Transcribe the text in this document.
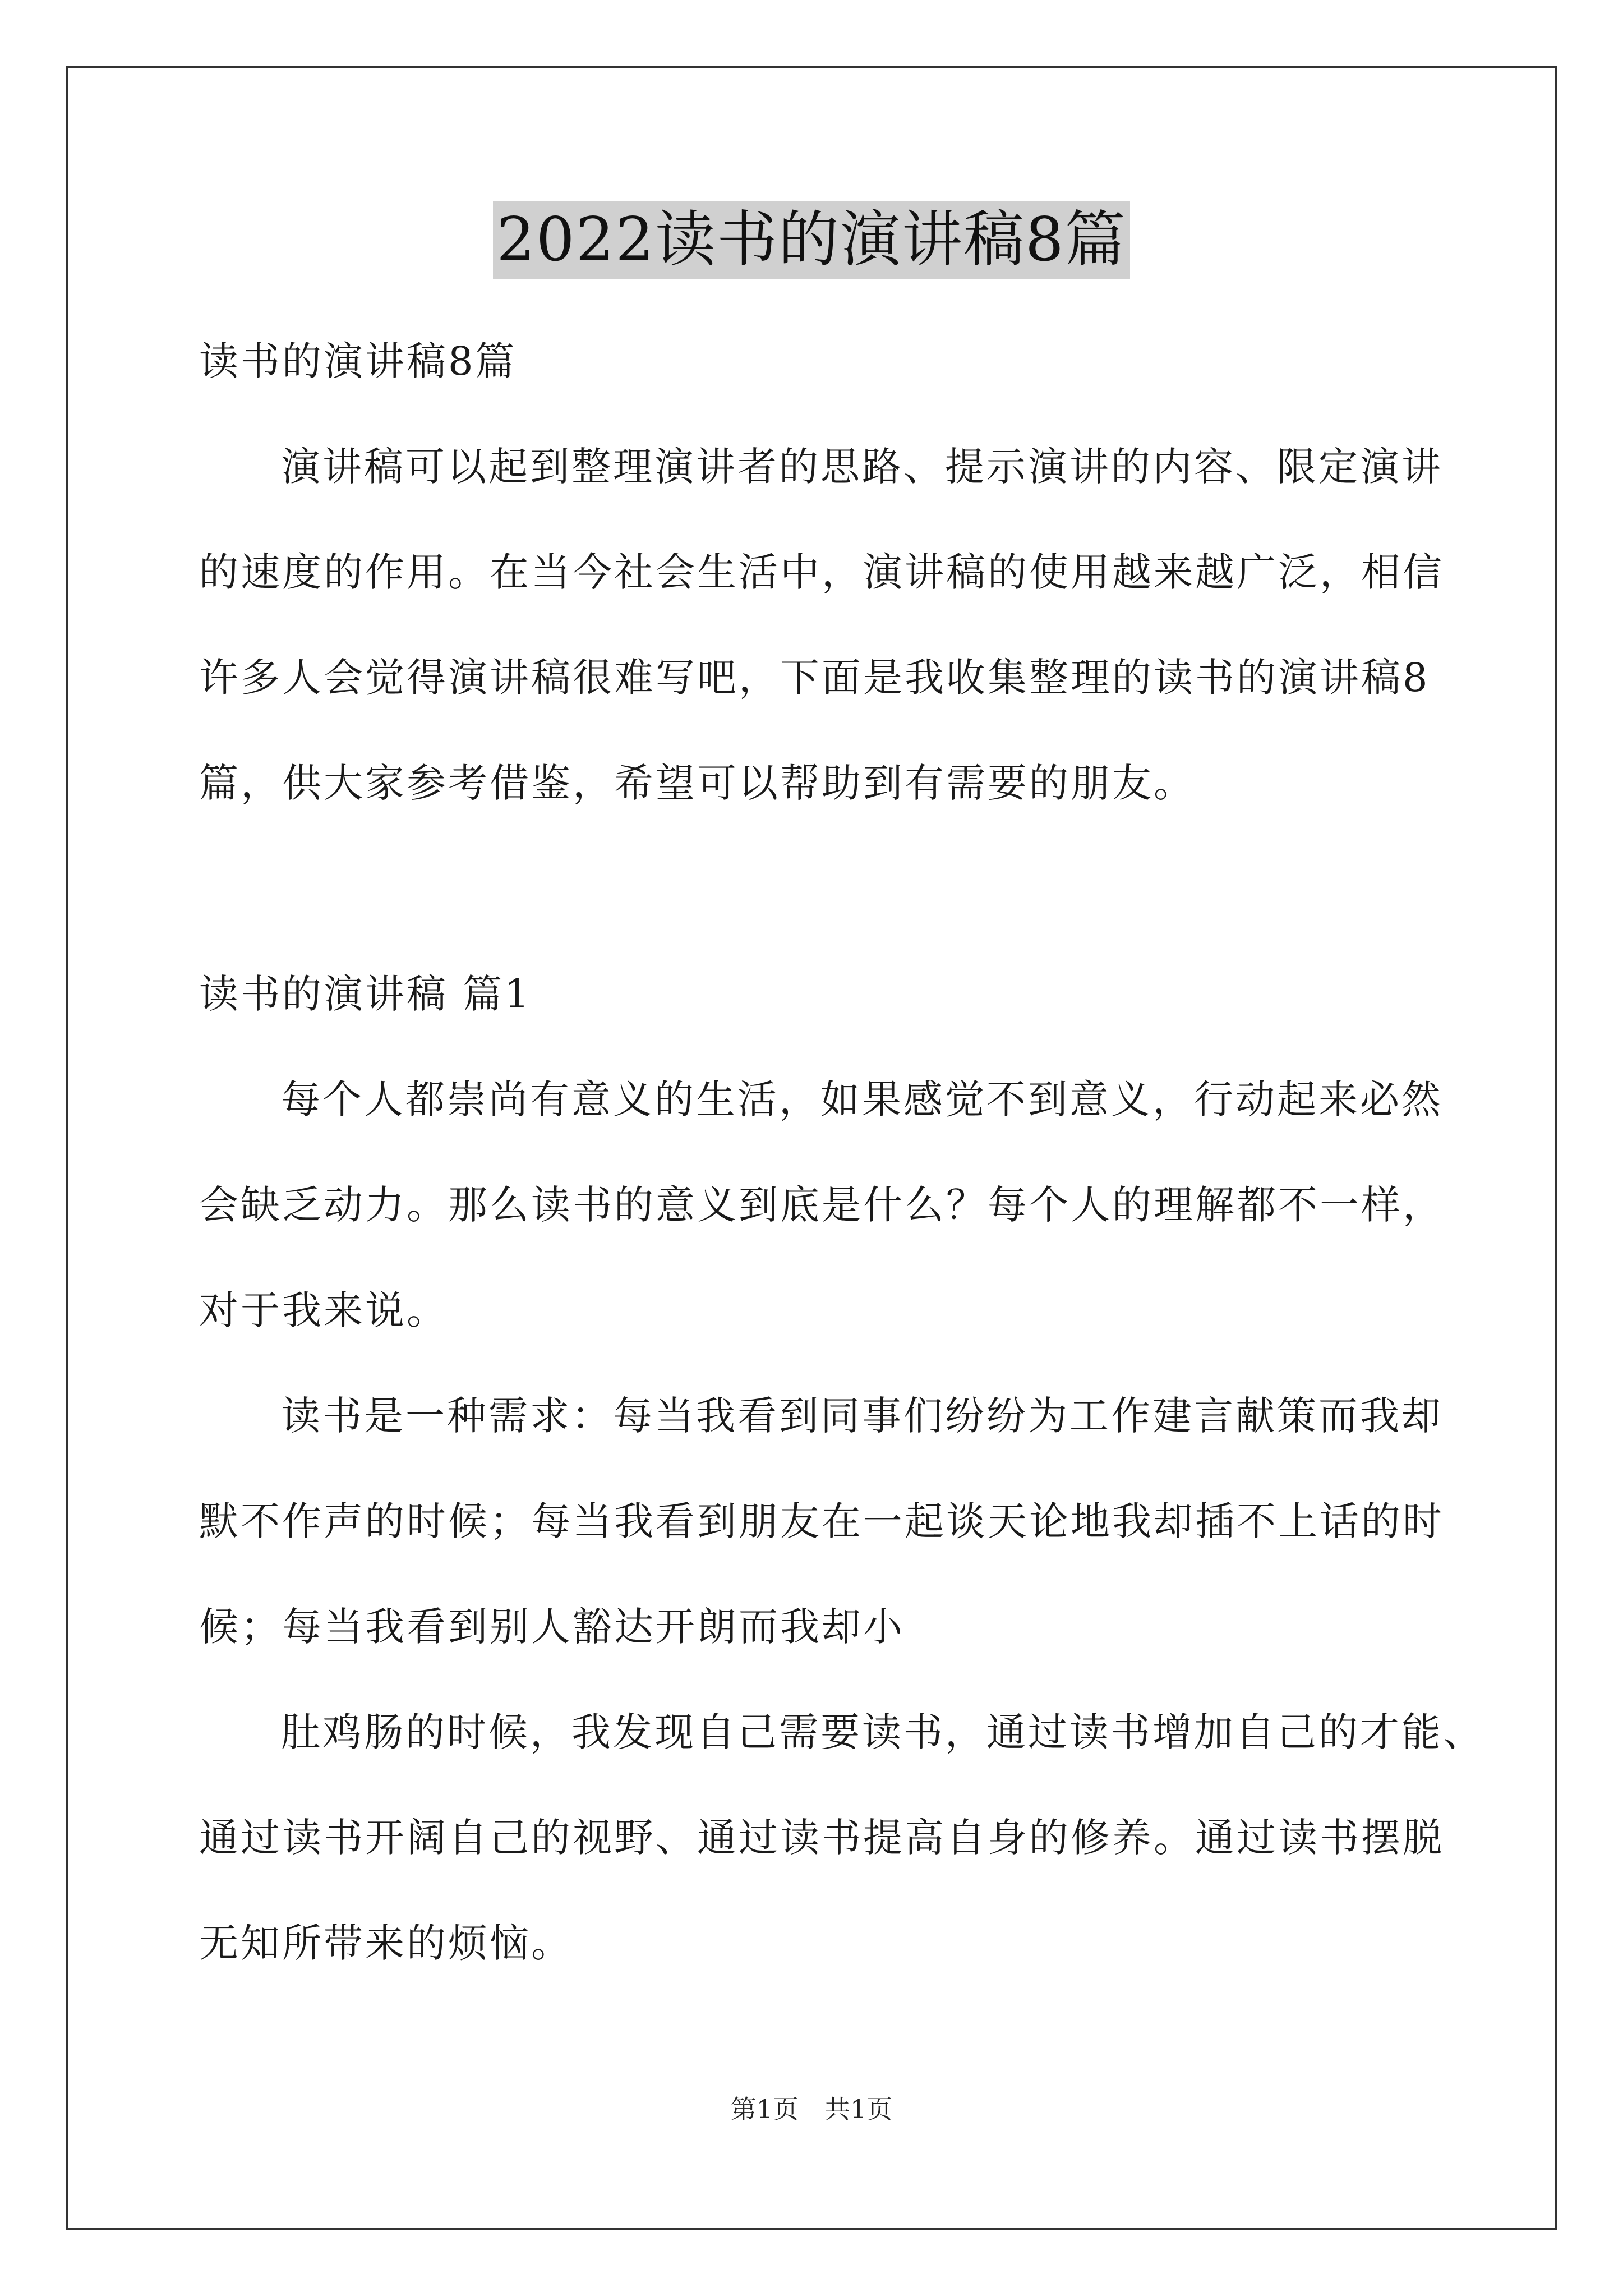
2022读书的演讲稿8篇
读书的演讲稿8篇
演讲稿可以起到整理演讲者的思路、提示演讲的内容、限定演讲
的速度的作用。在当今社会生活中，演讲稿的使用越来越广泛，相信
许多人会觉得演讲稿很难写吧，下面是我收集整理的读书的演讲稿8
篇，供大家参考借鉴，希望可以帮助到有需要的朋友。
读书的演讲稿 篇1
每个人都崇尚有意义的生活，如果感觉不到意义，行动起来必然
会缺乏动力。那么读书的意义到底是什么？每个人的理解都不一样，
对于我来说。
读书是一种需求：每当我看到同事们纷纷为工作建言献策而我却
默不作声的时候；每当我看到朋友在一起谈天论地我却插不上话的时
候；每当我看到别人豁达开朗而我却小
肚鸡肠的时候，我发现自己需要读书，通过读书增加自己的才能、
通过读书开阔自己的视野、通过读书提高自身的修养。通过读书摆脱
无知所带来的烦恼。
第1页　共1页
